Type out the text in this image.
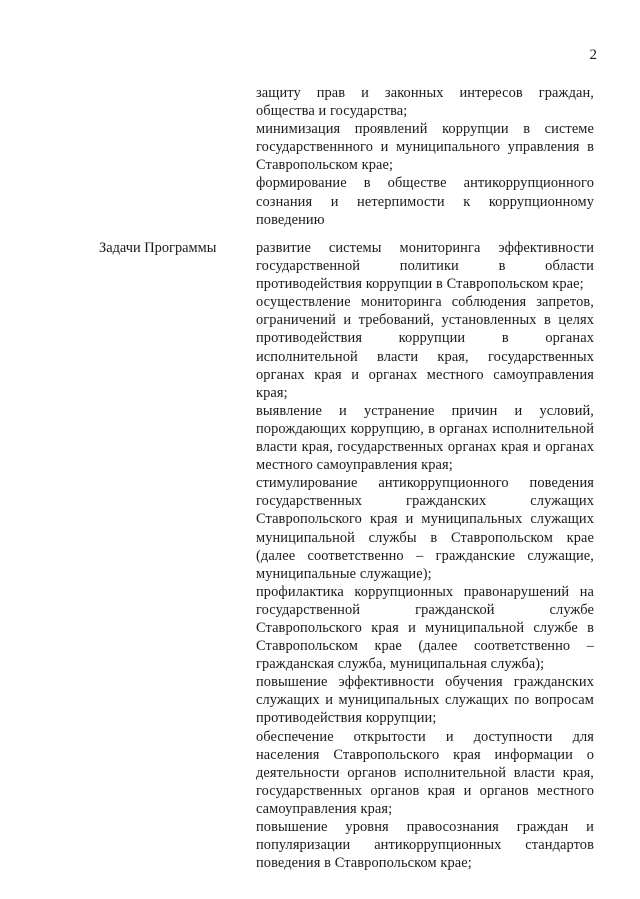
2

защиту прав и законных интересов граждан, общества и государства;

минимизация проявлений коррупции в системе государственнного и муниципального управления в Ставропольском крае;

формирование в обществе антикоррупционного сознания и нетерпимости к коррупционному поведению

Задачи Программы	развитие системы мониторинга эффективности государственной политики в области противодействия коррупции в Ставропольском крае;

осуществление мониторинга соблюдения запретов, ограничений и требований, установленных в целях противодействия коррупции в органах исполнительной власти края, государственных органах края и органах местного самоуправления края;

выявление и устранение причин и условий, порождающих коррупцию, в органах исполнительной власти края, государственных органах края и органах местного самоуправления края;

стимулирование антикоррупционного поведения государственных гражданских служащих Ставропольского края и муниципальных служащих муниципальной службы в Ставропольском крае (далее соответственно – гражданские служащие, муниципальные служащие);

профилактика коррупционных правонарушений на государственной гражданской службе Ставропольского края и муниципальной службе в Ставропольском крае (далее соответственно – гражданская служба, муниципальная служба);

повышение эффективности обучения гражданских служащих и муниципальных служащих по вопросам противодействия коррупции;

обеспечение открытости и доступности для населения Ставропольского края информации о деятельности органов исполнительной власти края, государственных органов края и органов местного самоуправления края;

повышение уровня правосознания граждан и популяризации антикоррупционных стандартов поведения в Ставропольском крае;
